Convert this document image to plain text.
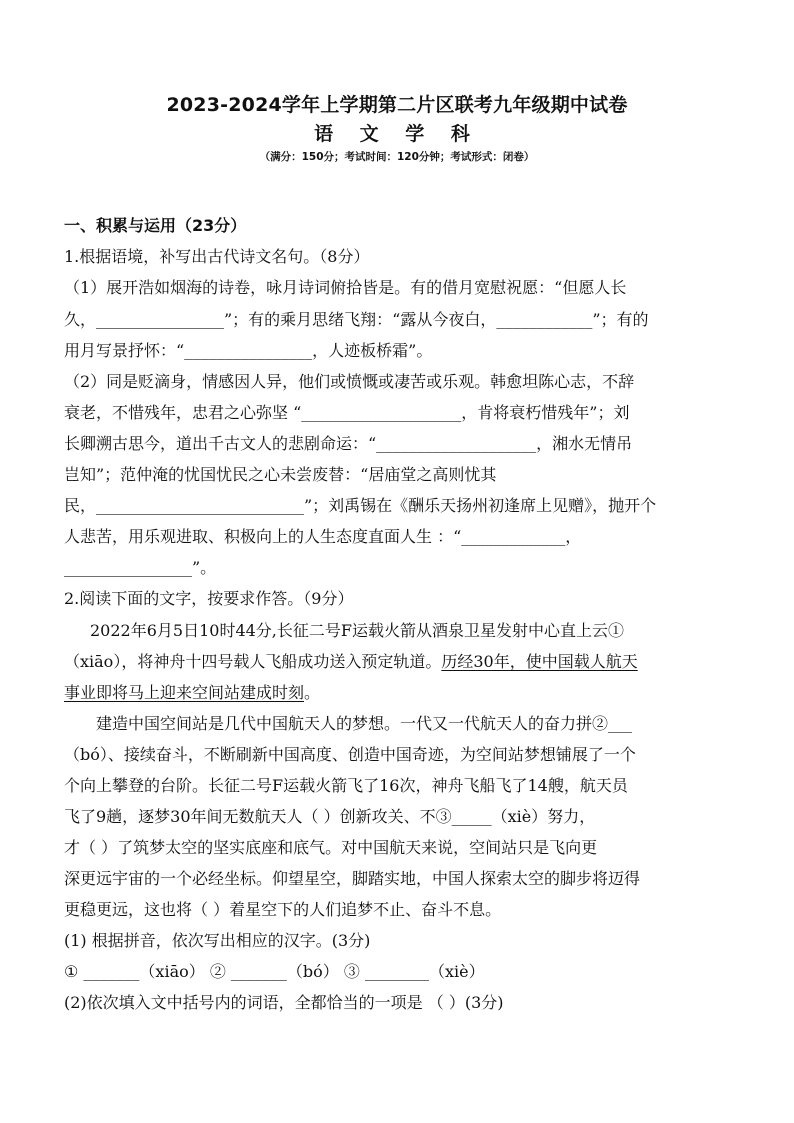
2023-2024学年上学期第二片区联考九年级期中试卷
语 文 学 科
（满分：150分；考试时间：120分钟；考试形式：闭卷）
一、积累与运用（23分）
1.根据语境，补写出古代诗文名句。（8分）
（1）展开浩如烟海的诗卷，咏月诗词俯拾皆是。有的借月宽慰祝愿：“但愿人长
久，________________”；有的乘月思绪飞翔：“露从今夜白，____________”；有的
用月写景抒怀：“________________，人迹板桥霜”。
（2）同是贬滴身，情感因人异，他们或愤慨或凄苦或乐观。韩愈坦陈心志，不辞
衰老，不惜残年，忠君之心弥坚 “____________________，肯将衰朽惜残年”；刘
长卿溯古思今，道出千古文人的悲剧命运：“____________________，湘水无情吊
岂知”；范仲淹的忧国忧民之心未尝废替：“居庙堂之高则忧其
民，__________________________”；刘禹锡在《酬乐天扬州初逢席上见赠》，抛开个
人悲苦，用乐观进取、积极向上的人生态度直面人生 ：“_____________，
________________”。
2.阅读下面的文字，按要求作答。（9分）
2022年6月5日10时44分,长征二号F运载火箭从酒泉卫星发射中心直上云①
（xiāo），将神舟十四号载人飞船成功送入预定轨道。历经30年，使中国载人航天
事业即将马上迎来空间站建成时刻。
建造中国空间站是几代中国航天人的梦想。一代又一代航天人的奋力拼②___
（bó）、接续奋斗，不断刷新中国高度、创造中国奇迹，为空间站梦想铺展了一个
个向上攀登的台阶。长征二号F运载火箭飞了16次，神舟飞船飞了14艘，航天员
飞了9趟，逐梦30年间无数航天人（ ）创新攻关、不③_____（xiè）努力，
才（ ）了筑梦太空的坚实底座和底气。对中国航天来说，空间站只是飞向更
深更远宇宙的一个必经坐标。仰望星空，脚踏实地，中国人探索太空的脚步将迈得
更稳更远，这也将（ ）着星空下的人们追梦不止、奋斗不息。
(1) 根据拼音，依次写出相应的汉字。(3分)
① _______（xiāo） ② _______（bó） ③ ________（xiè）
(2)依次填入文中括号内的词语，全都恰当的一项是 （ ）(3分)
